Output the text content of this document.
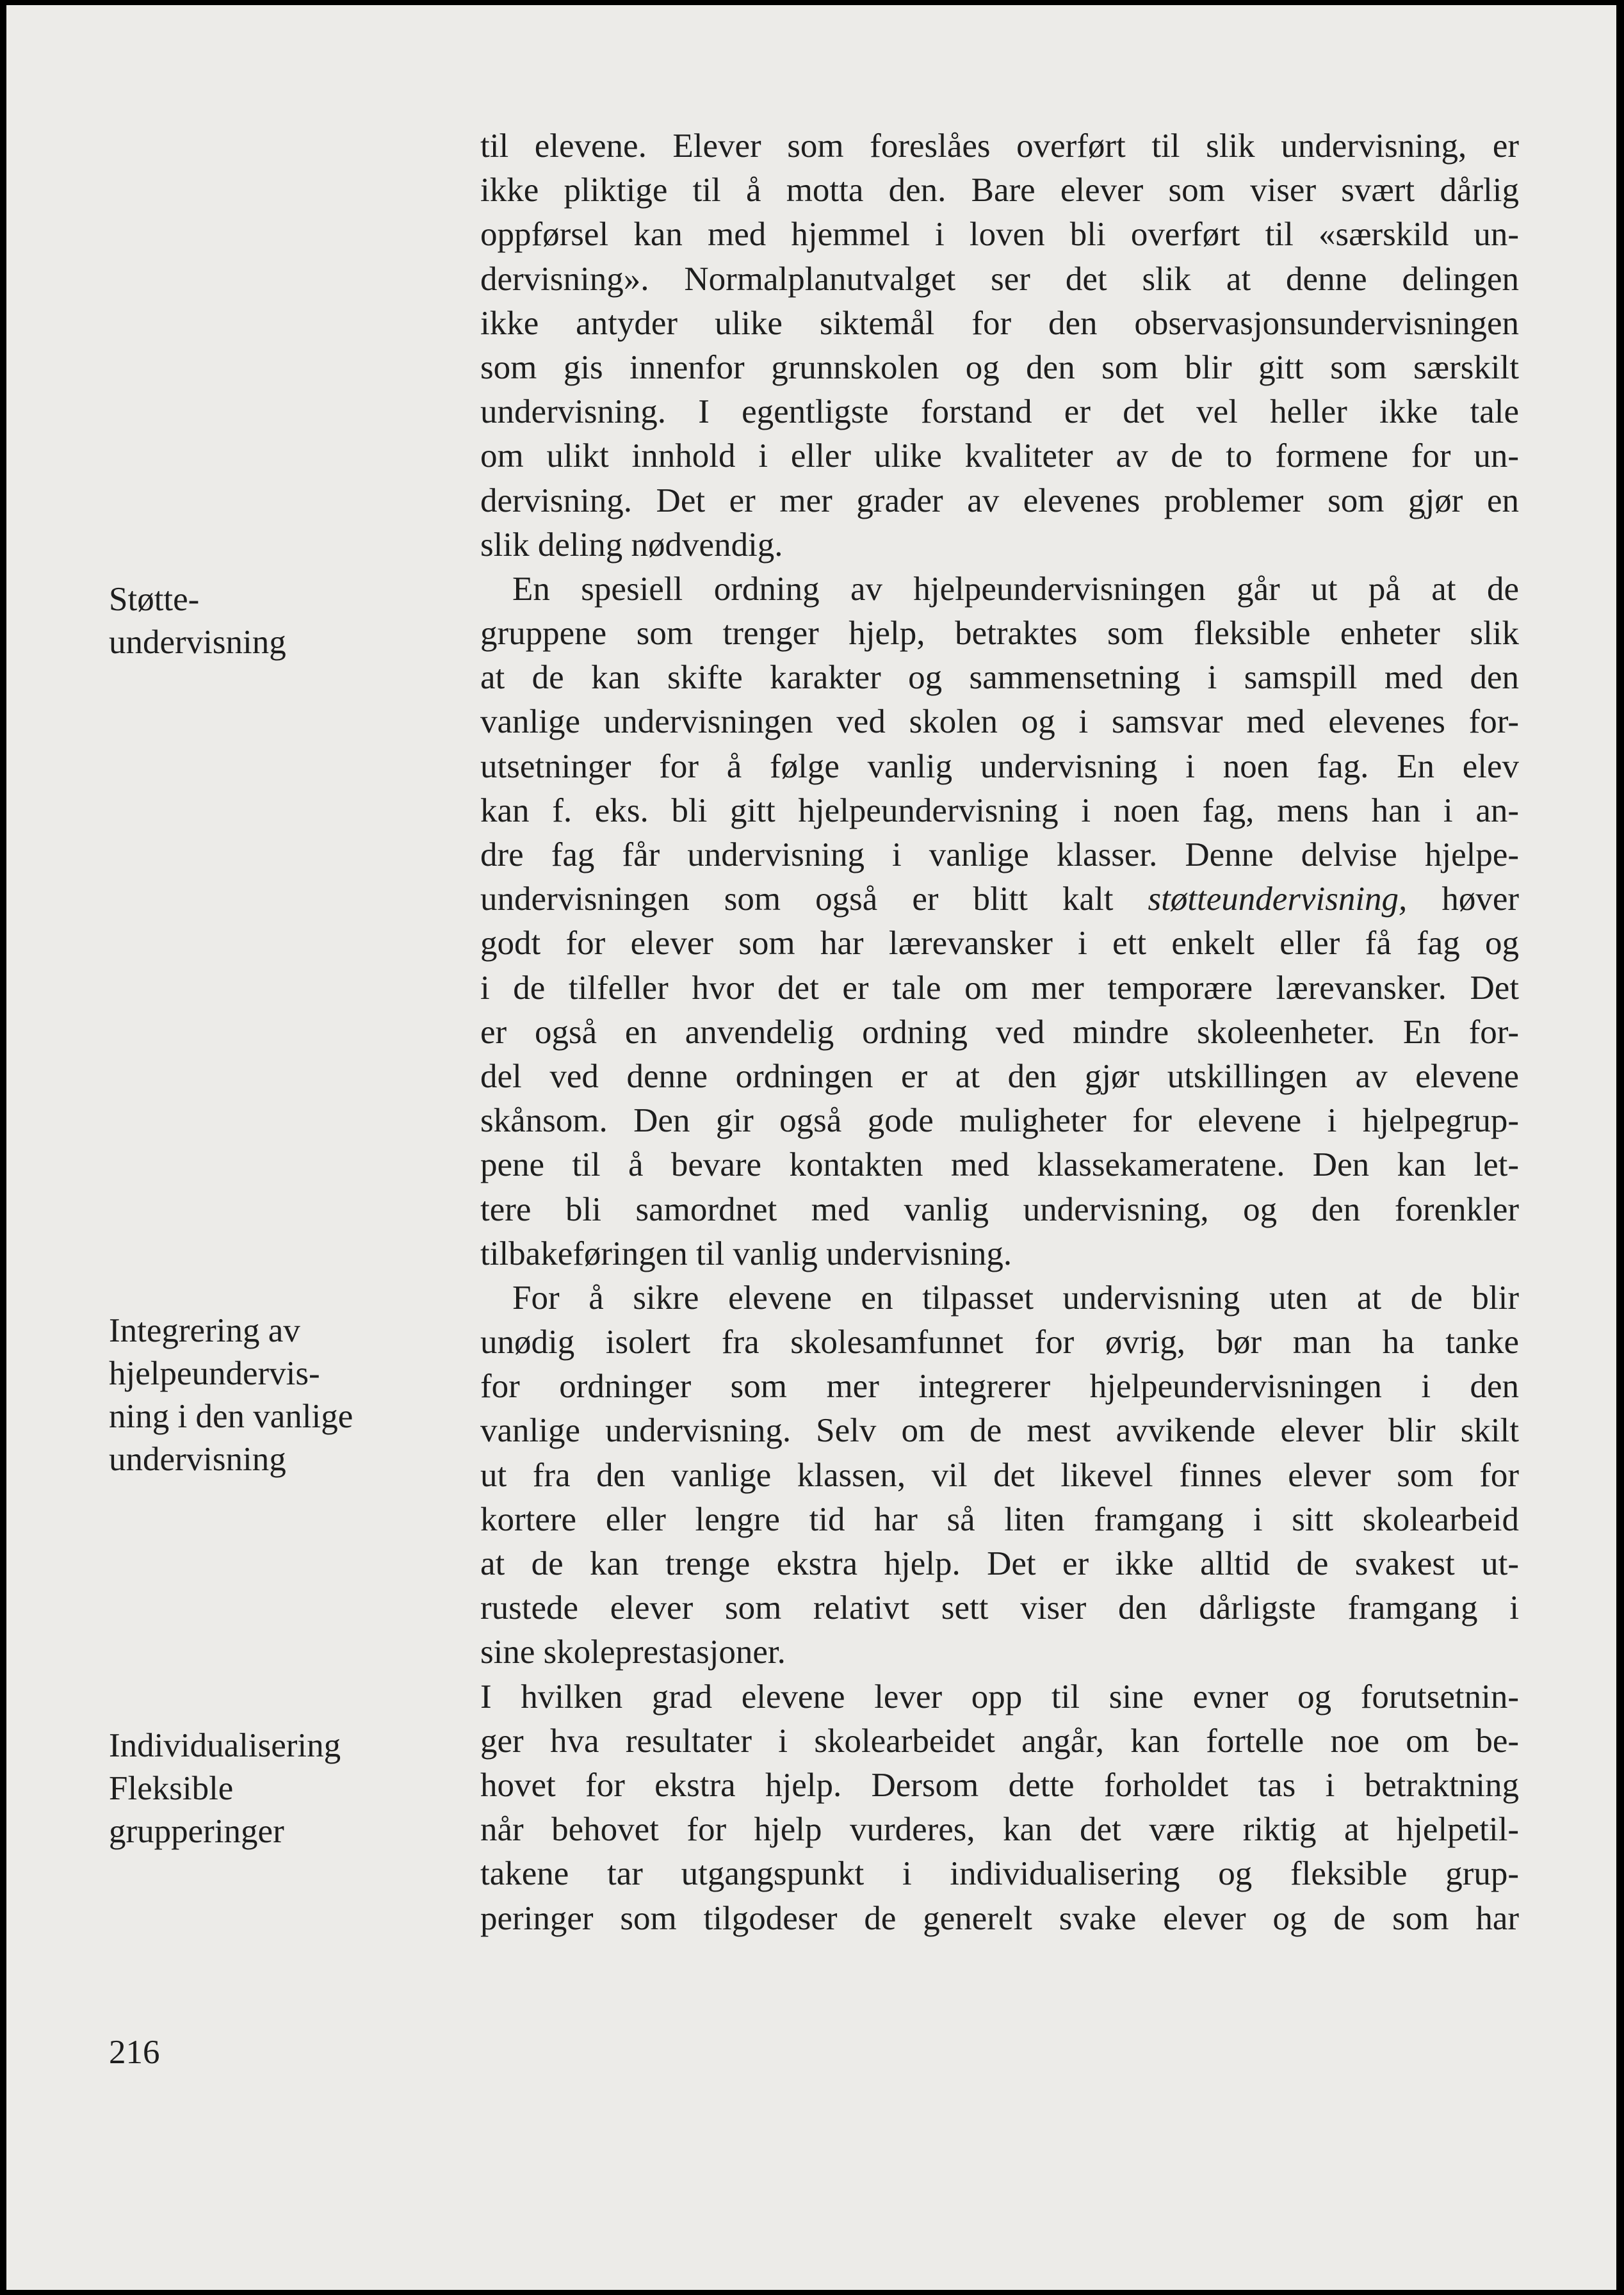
Støtte-
undervisning
Integrering av
hjelpeundervis-
ning i den vanlige
undervisning
Individualisering
Fleksible
grupperinger
til elevene. Elever som foreslåes overført til slik undervisning, er
ikke pliktige til å motta den. Bare elever som viser svært dårlig
oppførsel kan med hjemmel i loven bli overført til «særskild un-
dervisning». Normalplanutvalget ser det slik at denne delingen
ikke antyder ulike siktemål for den observasjonsundervisningen
som gis innenfor grunnskolen og den som blir gitt som særskilt
undervisning. I egentligste forstand er det vel heller ikke tale
om ulikt innhold i eller ulike kvaliteter av de to formene for un-
dervisning. Det er mer grader av elevenes problemer som gjør en
slik deling nødvendig.
En spesiell ordning av hjelpeundervisningen går ut på at de
gruppene som trenger hjelp, betraktes som fleksible enheter slik
at de kan skifte karakter og sammensetning i samspill med den
vanlige undervisningen ved skolen og i samsvar med elevenes for-
utsetninger for å følge vanlig undervisning i noen fag. En elev
kan f. eks. bli gitt hjelpeundervisning i noen fag, mens han i an-
dre fag får undervisning i vanlige klasser. Denne delvise hjelpe-
undervisningen som også er blitt kalt støtteundervisning, høver
godt for elever som har lærevansker i ett enkelt eller få fag og
i de tilfeller hvor det er tale om mer temporære lærevansker. Det
er også en anvendelig ordning ved mindre skoleenheter. En for-
del ved denne ordningen er at den gjør utskillingen av elevene
skånsom. Den gir også gode muligheter for elevene i hjelpegrup-
pene til å bevare kontakten med klassekameratene. Den kan let-
tere bli samordnet med vanlig undervisning, og den forenkler
tilbakeføringen til vanlig undervisning.
For å sikre elevene en tilpasset undervisning uten at de blir
unødig isolert fra skolesamfunnet for øvrig, bør man ha tanke
for ordninger som mer integrerer hjelpeundervisningen i den
vanlige undervisning. Selv om de mest avvikende elever blir skilt
ut fra den vanlige klassen, vil det likevel finnes elever som for
kortere eller lengre tid har så liten framgang i sitt skolearbeid
at de kan trenge ekstra hjelp. Det er ikke alltid de svakest ut-
rustede elever som relativt sett viser den dårligste framgang i
sine skoleprestasjoner.
I hvilken grad elevene lever opp til sine evner og forutsetnin-
ger hva resultater i skolearbeidet angår, kan fortelle noe om be-
hovet for ekstra hjelp. Dersom dette forholdet tas i betraktning
når behovet for hjelp vurderes, kan det være riktig at hjelpetil-
takene tar utgangspunkt i individualisering og fleksible grup-
peringer som tilgodeser de generelt svake elever og de som har
216
